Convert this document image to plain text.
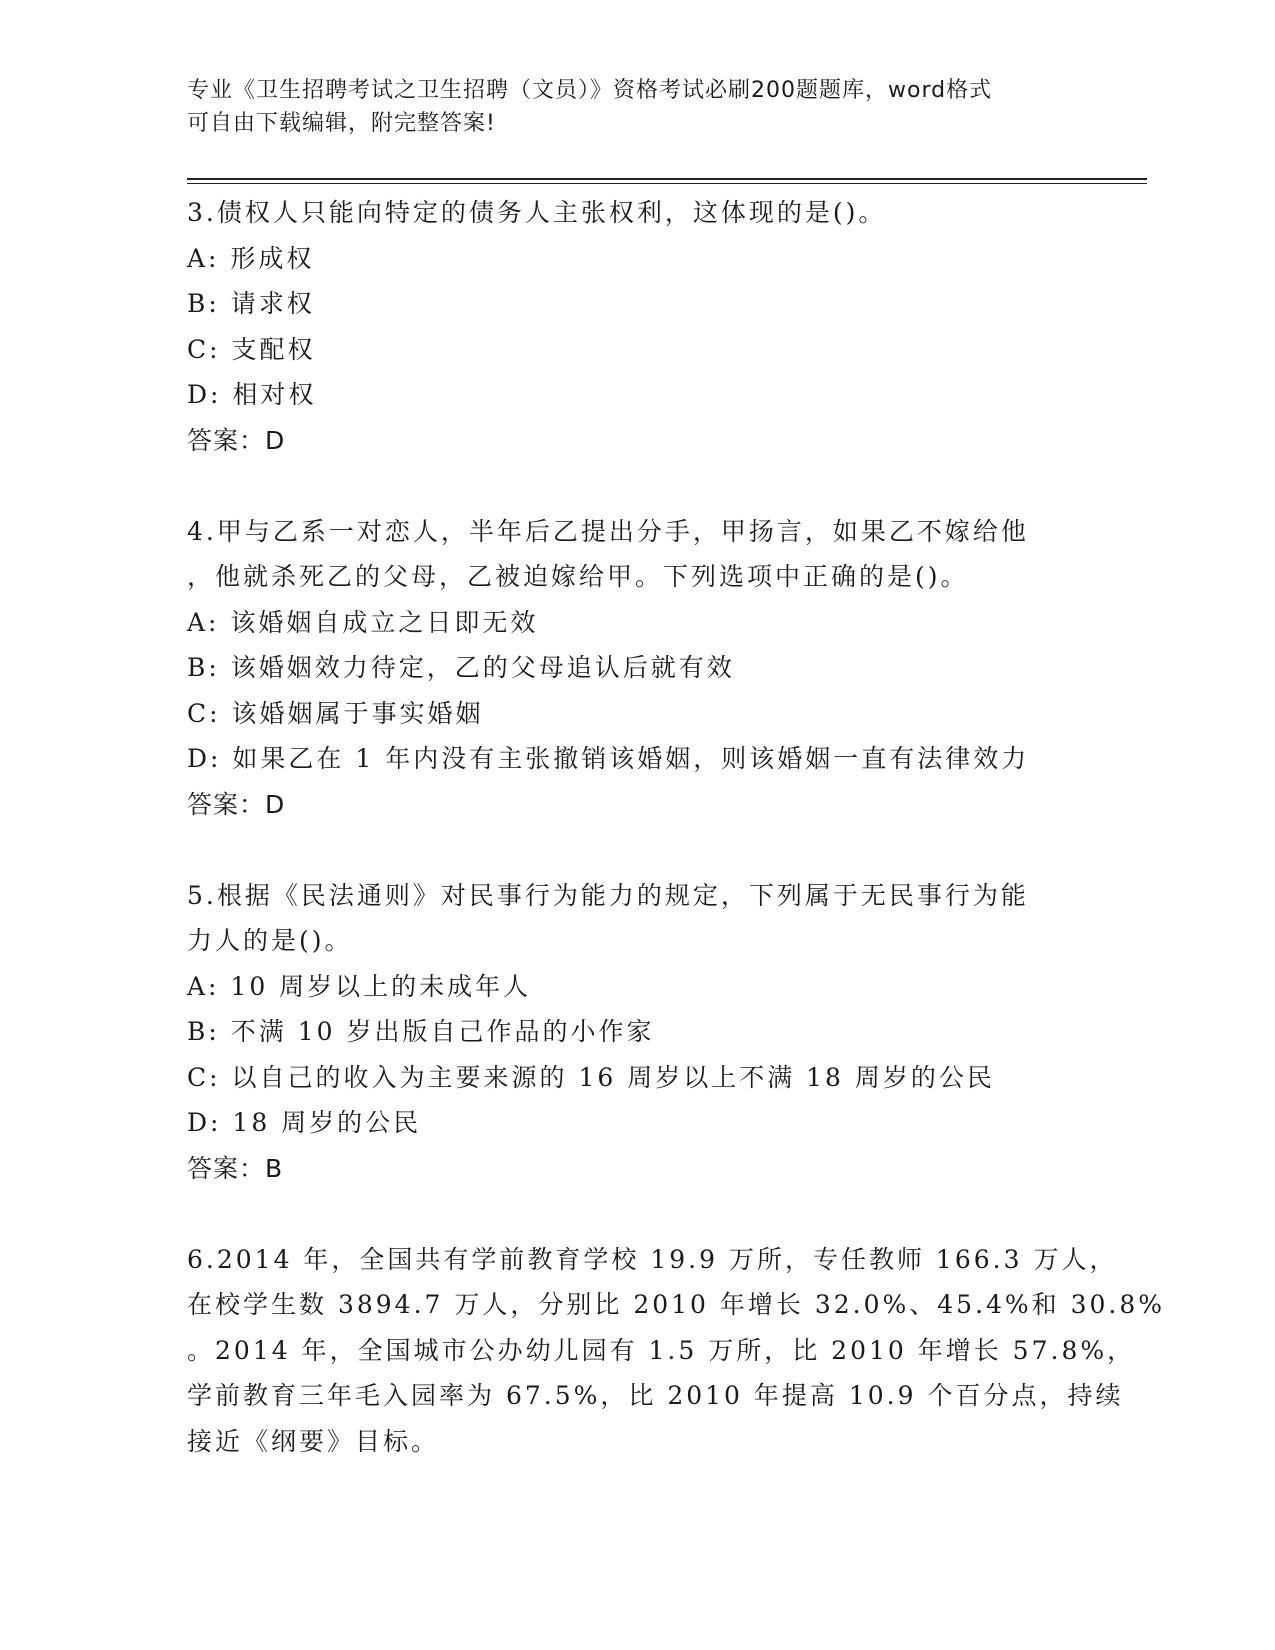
专业《卫生招聘考试之卫生招聘（文员）》资格考试必刷200题题库，word格式
可自由下载编辑，附完整答案!
3.债权人只能向特定的债务人主张权利，这体现的是()。
A: 形成权
B: 请求权
C: 支配权
D: 相对权
答案：D
4.甲与乙系一对恋人，半年后乙提出分手，甲扬言，如果乙不嫁给他
，他就杀死乙的父母，乙被迫嫁给甲。下列选项中正确的是()。
A: 该婚姻自成立之日即无效
B: 该婚姻效力待定，乙的父母追认后就有效
C: 该婚姻属于事实婚姻
D: 如果乙在 1 年内没有主张撤销该婚姻，则该婚姻一直有法律效力
答案：D
5.根据《民法通则》对民事行为能力的规定，下列属于无民事行为能
力人的是()。
A: 10 周岁以上的未成年人
B: 不满 10 岁出版自己作品的小作家
C: 以自己的收入为主要来源的 16 周岁以上不满 18 周岁的公民
D: 18 周岁的公民
答案：B
6.2014 年，全国共有学前教育学校 19.9 万所，专任教师 166.3 万人，
在校学生数 3894.7 万人，分别比 2010 年增长 32.0%、45.4%和 30.8%
。2014 年，全国城市公办幼儿园有 1.5 万所，比 2010 年增长 57.8%，
学前教育三年毛入园率为 67.5%，比 2010 年提高 10.9 个百分点，持续
接近《纲要》目标。
